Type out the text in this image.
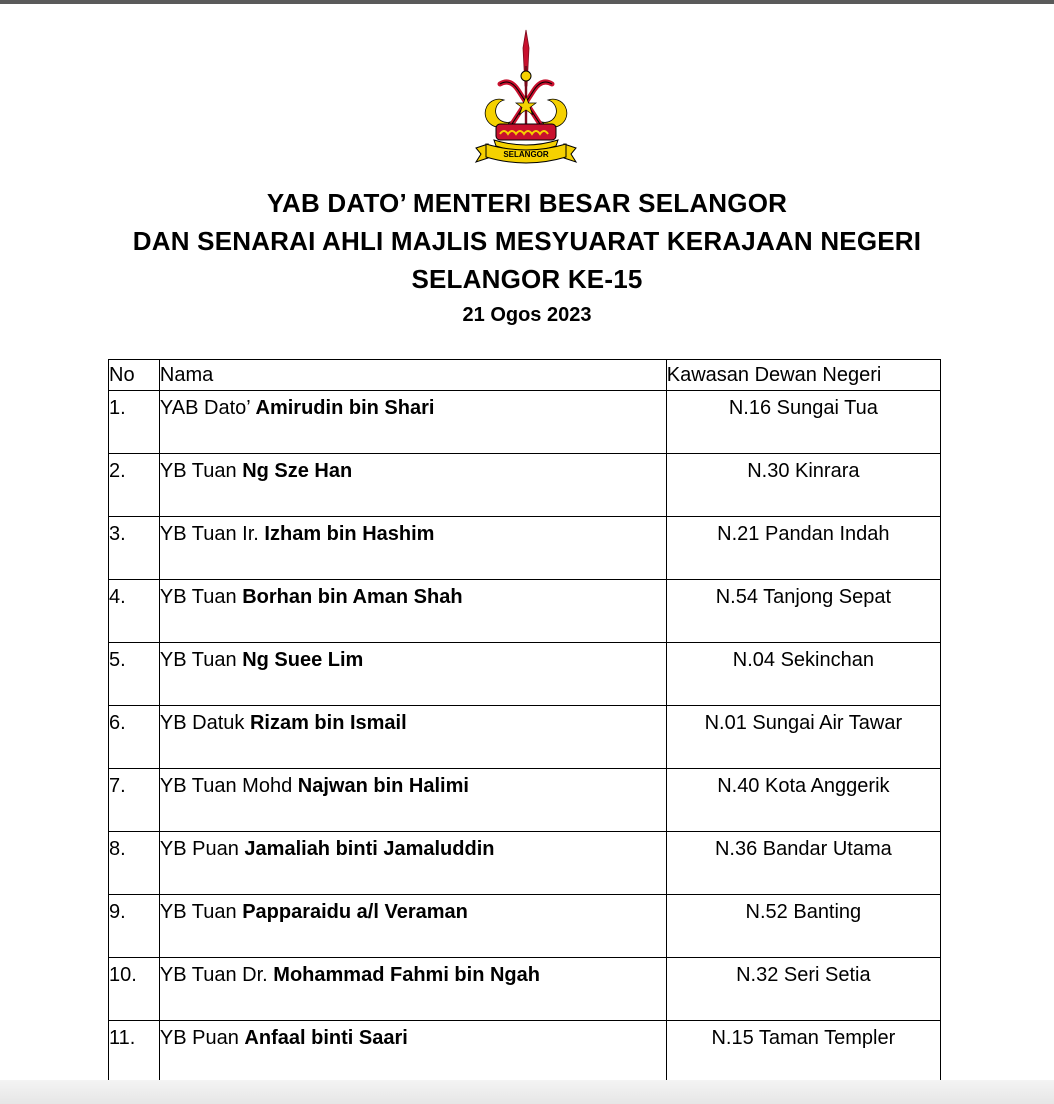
SELANGOR
YAB DATO’ MENTERI BESAR SELANGOR
DAN SENARAI AHLI MAJLIS MESYUARAT KERAJAAN NEGERI
SELANGOR KE-15
21 Ogos 2023
No	Nama	Kawasan Dewan Negeri
1.	YAB Dato’ Amirudin bin Shari	N.16 Sungai Tua
2.	YB Tuan Ng Sze Han	N.30 Kinrara
3.	YB Tuan Ir. Izham bin Hashim	N.21 Pandan Indah
4.	YB Tuan Borhan bin Aman Shah	N.54 Tanjong Sepat
5.	YB Tuan Ng Suee Lim	N.04 Sekinchan
6.	YB Datuk Rizam bin Ismail	N.01 Sungai Air Tawar
7.	YB Tuan Mohd Najwan bin Halimi	N.40 Kota Anggerik
8.	YB Puan Jamaliah binti Jamaluddin	N.36 Bandar Utama
9.	YB Tuan Papparaidu a/l Veraman	N.52 Banting
10.	YB Tuan Dr. Mohammad Fahmi bin Ngah	N.32 Seri Setia
11.	YB Puan Anfaal binti Saari	N.15 Taman Templer
